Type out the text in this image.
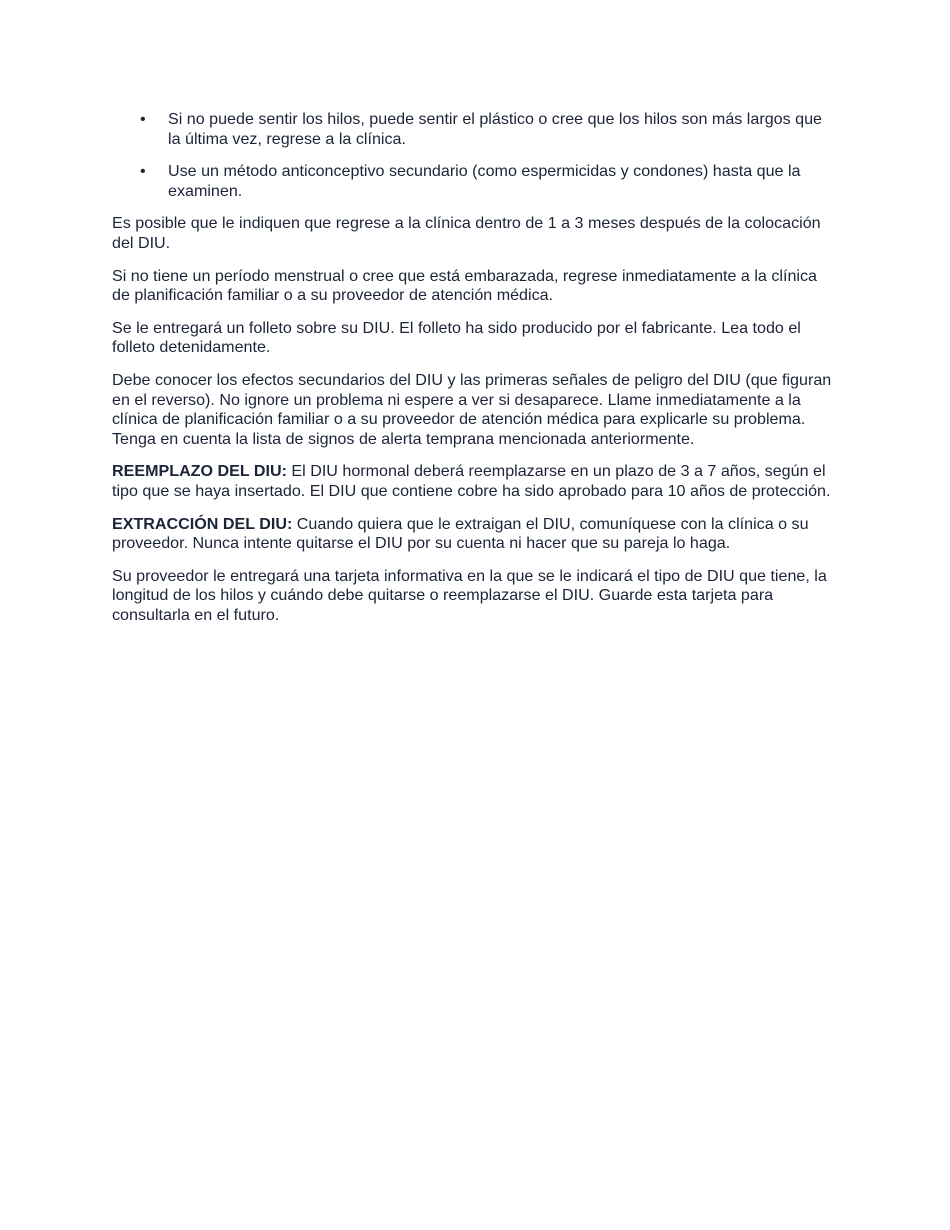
• Si no puede sentir los hilos, puede sentir el plástico o cree que los hilos son más largos que la última vez, regrese a la clínica.
• Use un método anticonceptivo secundario (como espermicidas y condones) hasta que la examinen.

Es posible que le indiquen que regrese a la clínica dentro de 1 a 3 meses después de la colocación del DIU.

Si no tiene un período menstrual o cree que está embarazada, regrese inmediatamente a la clínica de planificación familiar o a su proveedor de atención médica.

Se le entregará un folleto sobre su DIU. El folleto ha sido producido por el fabricante. Lea todo el folleto detenidamente.

Debe conocer los efectos secundarios del DIU y las primeras señales de peligro del DIU (que figuran en el reverso). No ignore un problema ni espere a ver si desaparece. Llame inmediatamente a la clínica de planificación familiar o a su proveedor de atención médica para explicarle su problema. Tenga en cuenta la lista de signos de alerta temprana mencionada anteriormente.

REEMPLAZO DEL DIU: El DIU hormonal deberá reemplazarse en un plazo de 3 a 7 años, según el tipo que se haya insertado. El DIU que contiene cobre ha sido aprobado para 10 años de protección.

EXTRACCIÓN DEL DIU: Cuando quiera que le extraigan el DIU, comuníquese con la clínica o su proveedor. Nunca intente quitarse el DIU por su cuenta ni hacer que su pareja lo haga.

Su proveedor le entregará una tarjeta informativa en la que se le indicará el tipo de DIU que tiene, la longitud de los hilos y cuándo debe quitarse o reemplazarse el DIU. Guarde esta tarjeta para consultarla en el futuro.
